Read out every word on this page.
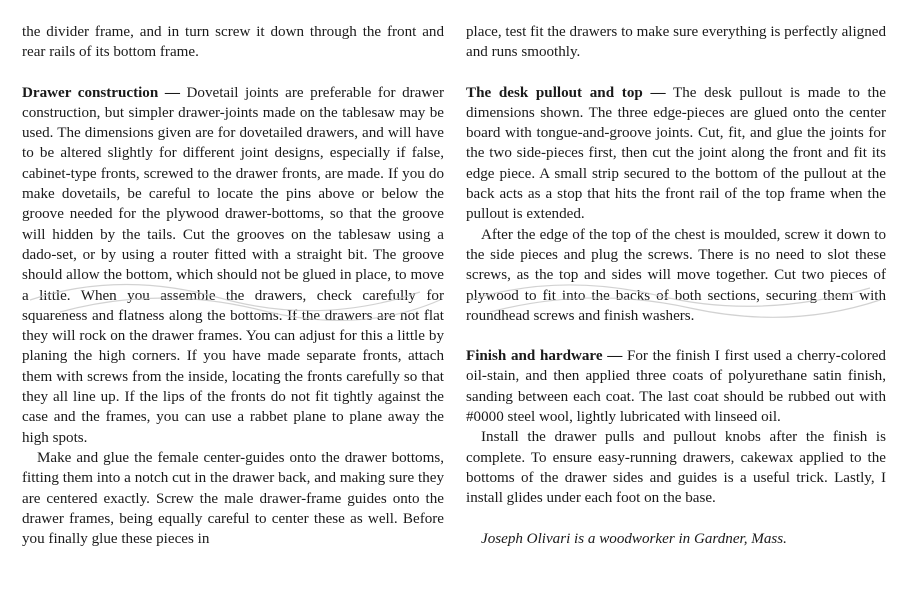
the divider frame, and in turn screw it down through the front and rear rails of its bottom frame.

Drawer construction — Dovetail joints are preferable for drawer construction, but simpler drawer-joints made on the tablesaw may be used. The dimensions given are for dovetailed drawers, and will have to be altered slightly for different joint designs, especially if false, cabinet-type fronts, screwed to the drawer fronts, are made. If you do make dovetails, be careful to locate the pins above or below the groove needed for the plywood drawer-bottoms, so that the groove will hidden by the tails. Cut the grooves on the tablesaw using a dado-set, or by using a router fitted with a straight bit. The groove should allow the bottom, which should not be glued in place, to move a little. When you assemble the drawers, check carefully for squareness and flatness along the bottoms. If the drawers are not flat they will rock on the drawer frames. You can adjust for this a little by planing the high corners. If you have made separate fronts, attach them with screws from the inside, locating the fronts carefully so that they all line up. If the lips of the fronts do not fit tightly against the case and the frames, you can use a rabbet plane to plane away the high spots.

Make and glue the female center-guides onto the drawer bottoms, fitting them into a notch cut in the drawer back, and making sure they are centered exactly. Screw the male drawer-frame guides onto the drawer frames, being equally careful to center these as well. Before you finally glue these pieces in

place, test fit the drawers to make sure everything is perfectly aligned and runs smoothly.

The desk pullout and top — The desk pullout is made to the dimensions shown. The three edge-pieces are glued onto the center board with tongue-and-groove joints. Cut, fit, and glue the joints for the two side-pieces first, then cut the joint along the front and fit its edge piece. A small strip secured to the bottom of the pullout at the back acts as a stop that hits the front rail of the top frame when the pullout is extended.

After the edge of the top of the chest is moulded, screw it down to the side pieces and plug the screws. There is no need to slot these screws, as the top and sides will move together. Cut two pieces of plywood to fit into the backs of both sections, securing them with roundhead screws and finish washers.

Finish and hardware — For the finish I first used a cherry-colored oil-stain, and then applied three coats of polyurethane satin finish, sanding between each coat. The last coat should be rubbed out with #0000 steel wool, lightly lubricated with linseed oil.

Install the drawer pulls and pullout knobs after the finish is complete. To ensure easy-running drawers, cakewax applied to the bottoms of the drawer sides and guides is a useful trick. Lastly, I install glides under each foot on the base.

Joseph Olivari is a woodworker in Gardner, Mass.
